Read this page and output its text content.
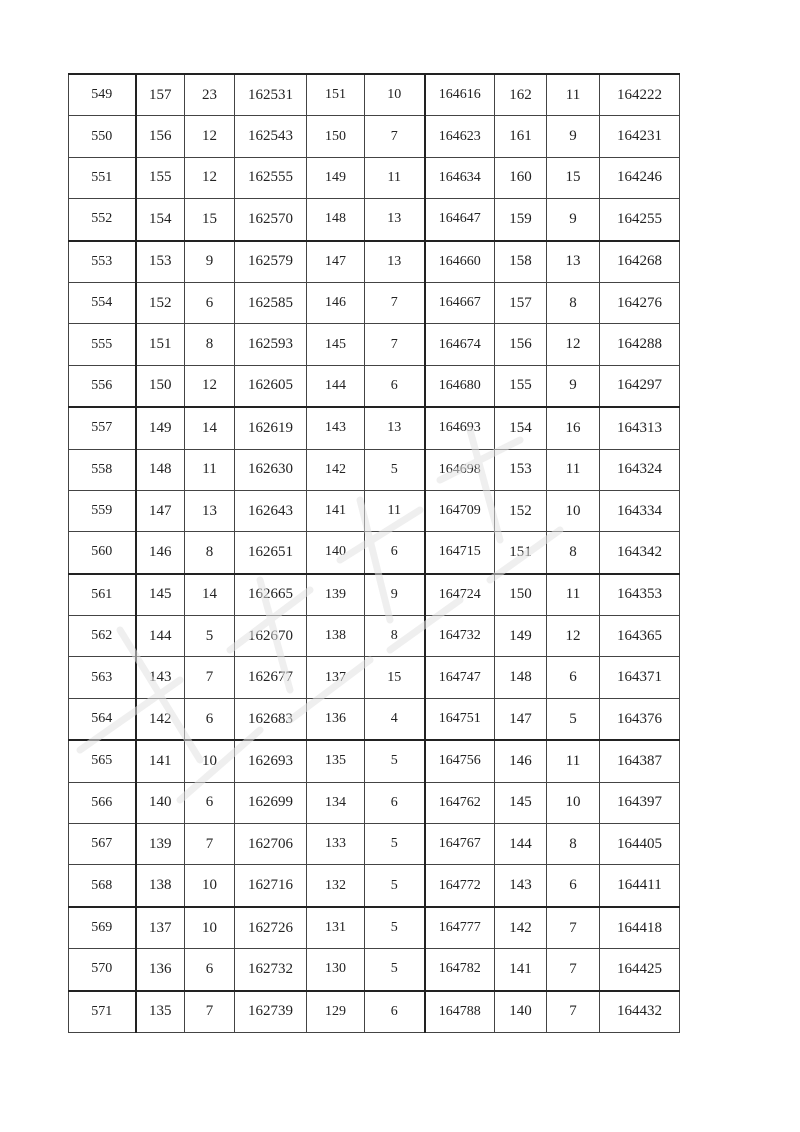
549	157	23	162531	151	10	164616	162	11	164222
550	156	12	162543	150	7	164623	161	9	164231
551	155	12	162555	149	11	164634	160	15	164246
552	154	15	162570	148	13	164647	159	9	164255
553	153	9	162579	147	13	164660	158	13	164268
554	152	6	162585	146	7	164667	157	8	164276
555	151	8	162593	145	7	164674	156	12	164288
556	150	12	162605	144	6	164680	155	9	164297
557	149	14	162619	143	13	164693	154	16	164313
558	148	11	162630	142	5	164698	153	11	164324
559	147	13	162643	141	11	164709	152	10	164334
560	146	8	162651	140	6	164715	151	8	164342
561	145	14	162665	139	9	164724	150	11	164353
562	144	5	162670	138	8	164732	149	12	164365
563	143	7	162677	137	15	164747	148	6	164371
564	142	6	162683	136	4	164751	147	5	164376
565	141	10	162693	135	5	164756	146	11	164387
566	140	6	162699	134	6	164762	145	10	164397
567	139	7	162706	133	5	164767	144	8	164405
568	138	10	162716	132	5	164772	143	6	164411
569	137	10	162726	131	5	164777	142	7	164418
570	136	6	162732	130	5	164782	141	7	164425
571	135	7	162739	129	6	164788	140	7	164432
